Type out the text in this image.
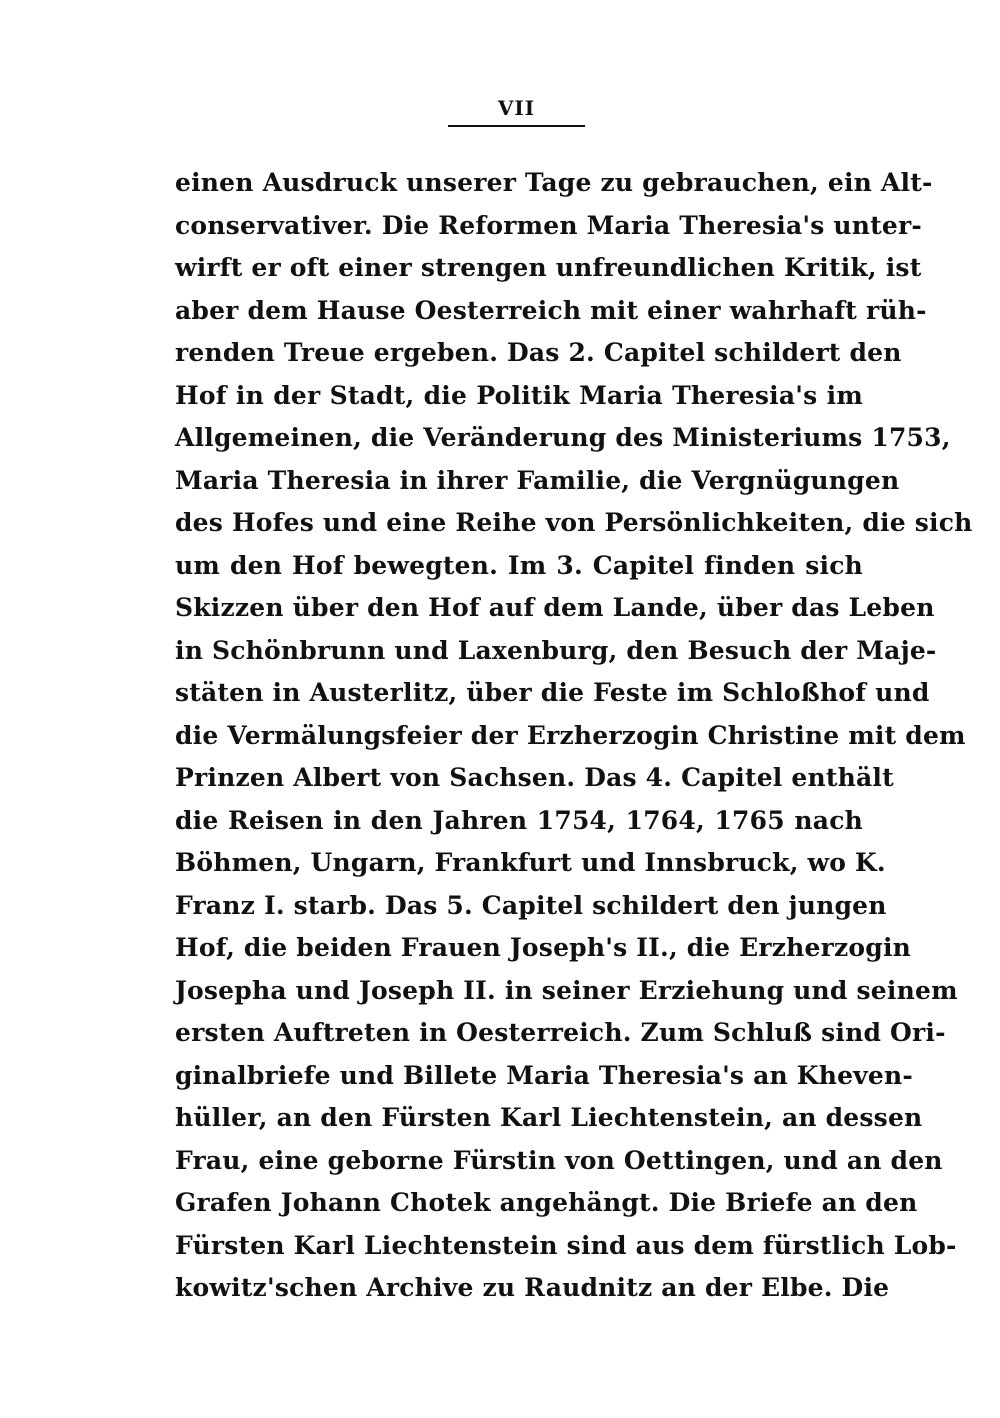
VII
einen Ausdruck unserer Tage zu gebrauchen, ein Alt-
conservativer. Die Reformen Maria Theresia's unter-
wirft er oft einer strengen unfreundlichen Kritik, ist
aber dem Hause Oesterreich mit einer wahrhaft rüh-
renden Treue ergeben. Das 2. Capitel schildert den
Hof in der Stadt, die Politik Maria Theresia's im
Allgemeinen, die Veränderung des Ministeriums 1753,
Maria Theresia in ihrer Familie, die Vergnügungen
des Hofes und eine Reihe von Persönlichkeiten, die sich
um den Hof bewegten. Im 3. Capitel finden sich
Skizzen über den Hof auf dem Lande, über das Leben
in Schönbrunn und Laxenburg, den Besuch der Maje-
stäten in Austerlitz, über die Feste im Schloßhof und
die Vermälungsfeier der Erzherzogin Christine mit dem
Prinzen Albert von Sachsen. Das 4. Capitel enthält
die Reisen in den Jahren 1754, 1764, 1765 nach
Böhmen, Ungarn, Frankfurt und Innsbruck, wo K.
Franz I. starb. Das 5. Capitel schildert den jungen
Hof, die beiden Frauen Joseph's II., die Erzherzogin
Josepha und Joseph II. in seiner Erziehung und seinem
ersten Auftreten in Oesterreich. Zum Schluß sind Ori-
ginalbriefe und Billete Maria Theresia's an Kheven-
hüller, an den Fürsten Karl Liechtenstein, an dessen
Frau, eine geborne Fürstin von Oettingen, und an den
Grafen Johann Chotek angehängt. Die Briefe an den
Fürsten Karl Liechtenstein sind aus dem fürstlich Lob-
kowitz'schen Archive zu Raudnitz an der Elbe. Die
